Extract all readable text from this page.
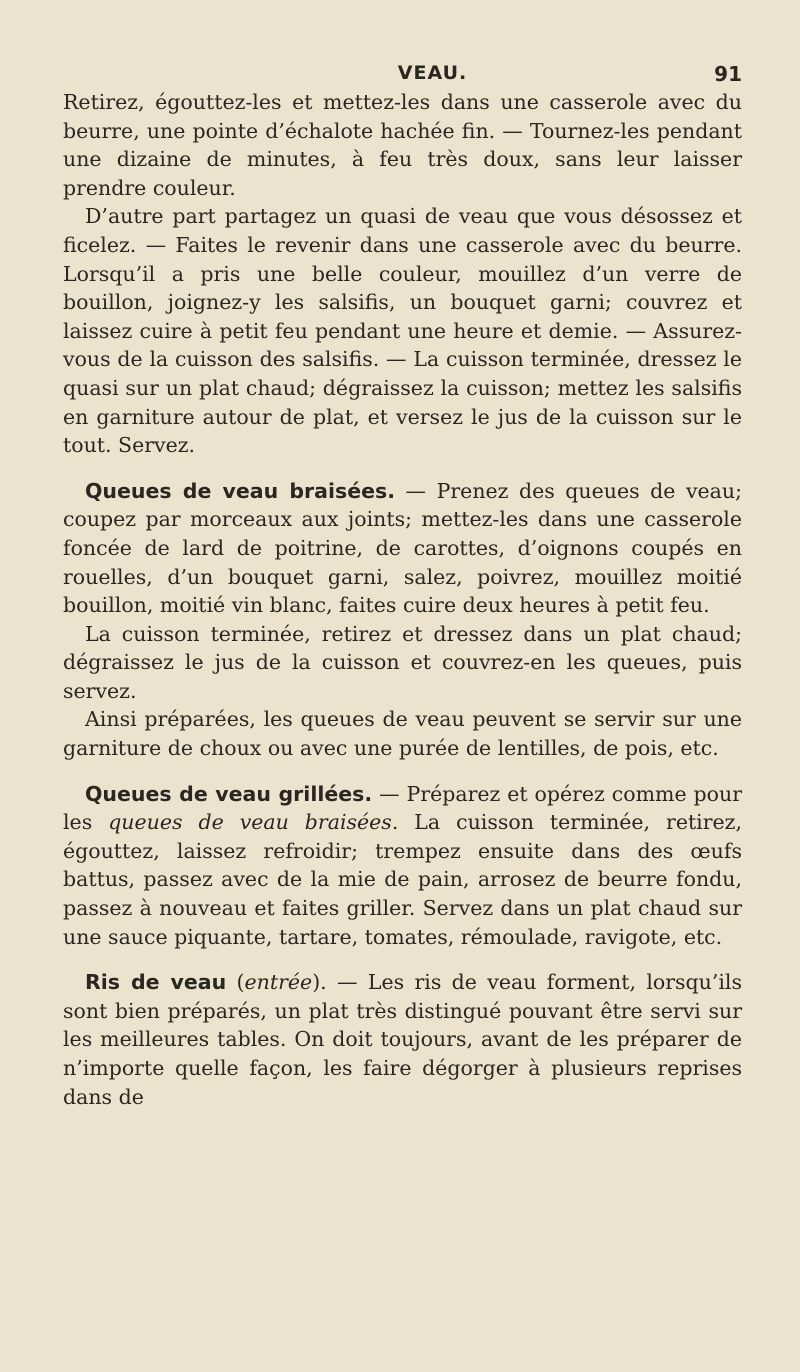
VEAU.	91

Retirez, égouttez-les et mettez-les dans une casserole avec du beurre, une pointe d’échalote hachée fin. — Tournez-les pendant une dizaine de minutes, à feu très doux, sans leur laisser prendre couleur.

D’autre part partagez un quasi de veau que vous désossez et ficelez. — Faites le revenir dans une casserole avec du beurre. Lorsqu’il a pris une belle couleur, mouillez d’un verre de bouillon, joignez-y les salsifis, un bouquet garni; couvrez et laissez cuire à petit feu pendant une heure et demie. — Assurez-vous de la cuisson des salsifis. — La cuisson terminée, dressez le quasi sur un plat chaud; dégraissez la cuisson; mettez les salsifis en garniture autour de plat, et versez le jus de la cuisson sur le tout. Servez.

Queues de veau braisées. — Prenez des queues de veau; coupez par morceaux aux joints; mettez-les dans une casserole foncée de lard de poitrine, de carottes, d’oignons coupés en rouelles, d’un bouquet garni, salez, poivrez, mouillez moitié bouillon, moitié vin blanc, faites cuire deux heures à petit feu.

La cuisson terminée, retirez et dressez dans un plat chaud; dégraissez le jus de la cuisson et couvrez-en les queues, puis servez.

Ainsi préparées, les queues de veau peuvent se servir sur une garniture de choux ou avec une purée de lentilles, de pois, etc.

Queues de veau grillées. — Préparez et opérez comme pour les queues de veau braisées. La cuisson terminée, retirez, égouttez, laissez refroidir; trempez ensuite dans des œufs battus, passez avec de la mie de pain, arrosez de beurre fondu, passez à nouveau et faites griller. Servez dans un plat chaud sur une sauce piquante, tartare, tomates, rémoulade, ravigote, etc.

Ris de veau (entrée). — Les ris de veau forment, lorsqu’ils sont bien préparés, un plat très distingué pouvant être servi sur les meilleures tables. On doit toujours, avant de les préparer de n’importe quelle façon, les faire dégorger à plusieurs reprises dans de
